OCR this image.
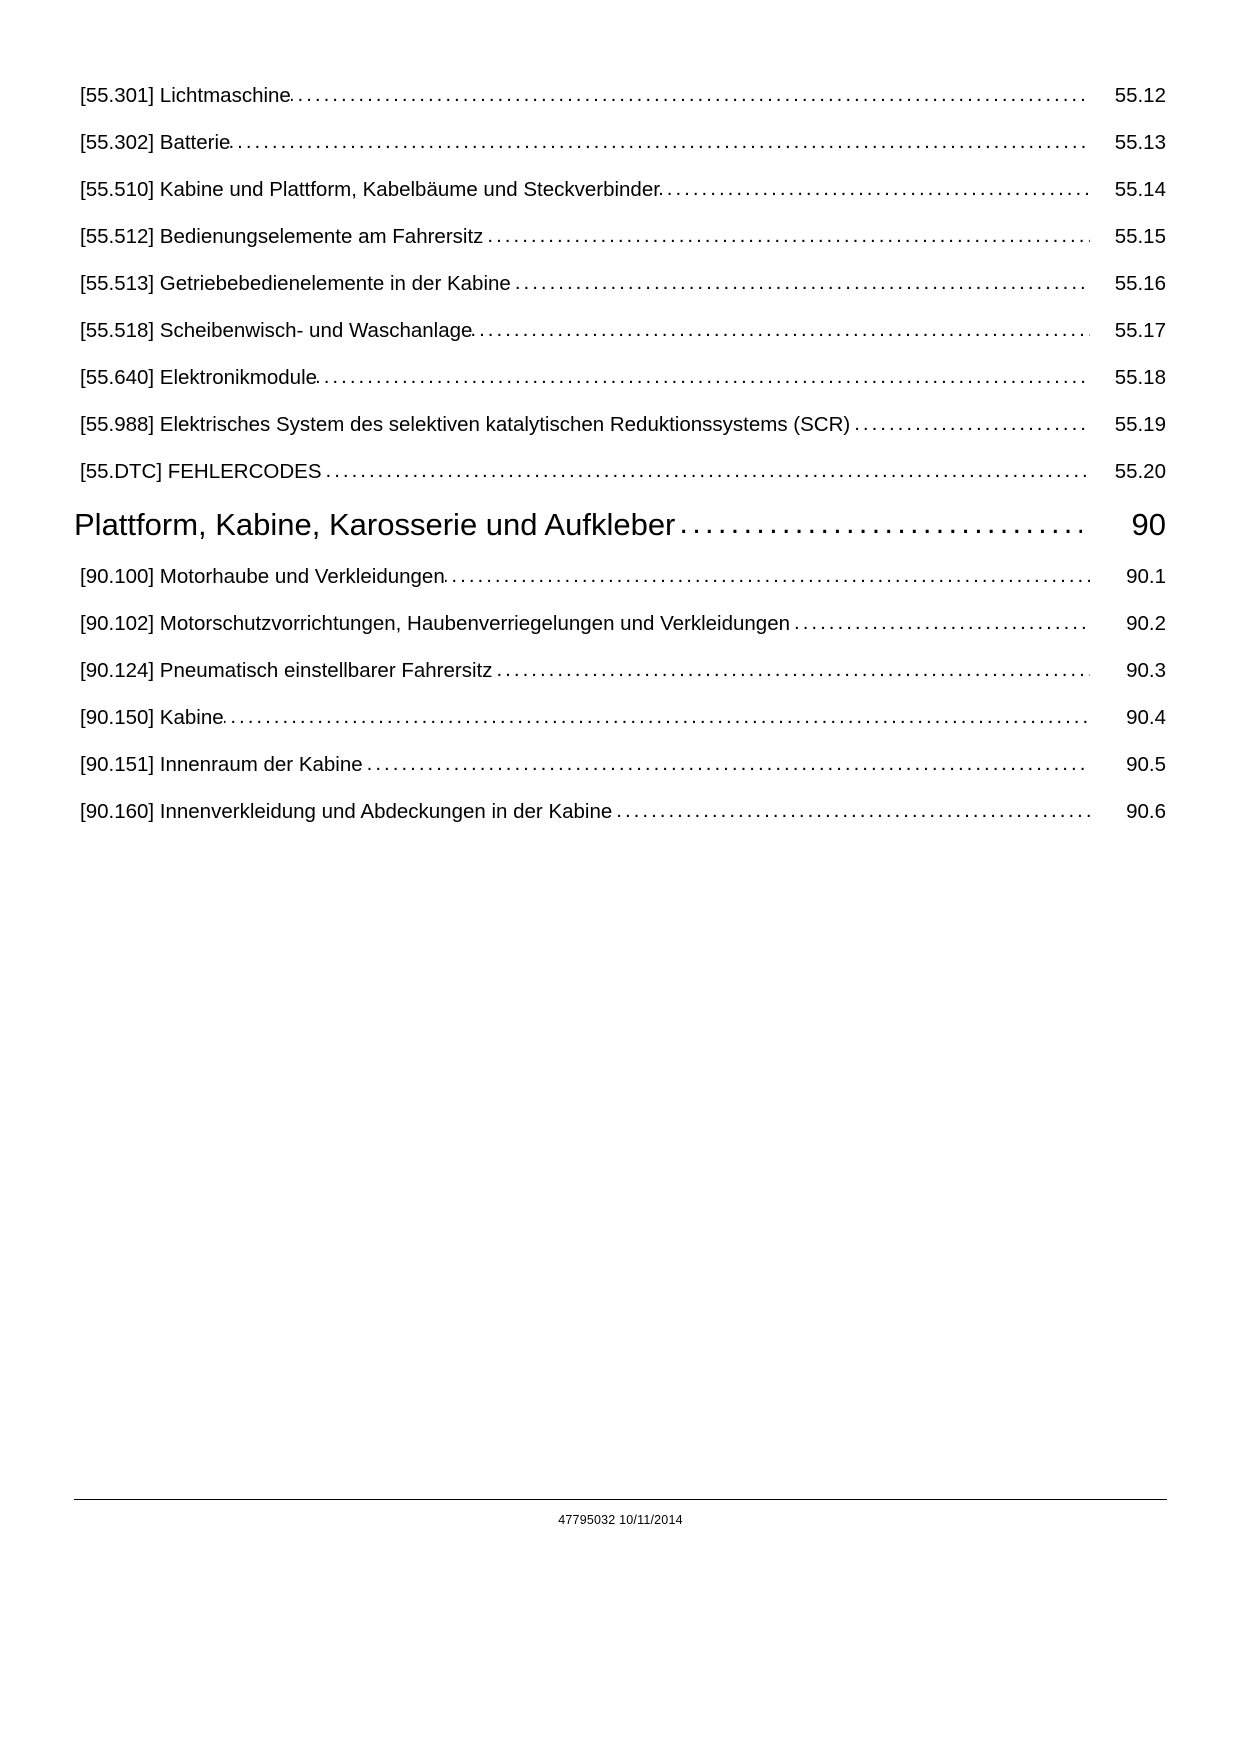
[55.301] Lichtmaschine .....	55.12
[55.302] Batterie .....	55.13
[55.510] Kabine und Plattform, Kabelbäume und Steckverbinder .....	55.14
[55.512] Bedienungselemente am Fahrersitz .....	55.15
[55.513] Getriebebedienelemente in der Kabine .....	55.16
[55.518] Scheibenwisch- und Waschanlage .....	55.17
[55.640] Elektronikmodule .....	55.18
[55.988] Elektrisches System des selektiven katalytischen Reduktionssystems (SCR) .....	55.19
[55.DTC] FEHLERCODES .....	55.20
Plattform, Kabine, Karosserie und Aufkleber .....	90
[90.100] Motorhaube und Verkleidungen .....	90.1
[90.102] Motorschutzvorrichtungen, Haubenverriegelungen und Verkleidungen .....	90.2
[90.124] Pneumatisch einstellbarer Fahrersitz .....	90.3
[90.150] Kabine .....	90.4
[90.151] Innenraum der Kabine .....	90.5
[90.160] Innenverkleidung und Abdeckungen in der Kabine .....	90.6
47795032 10/11/2014
